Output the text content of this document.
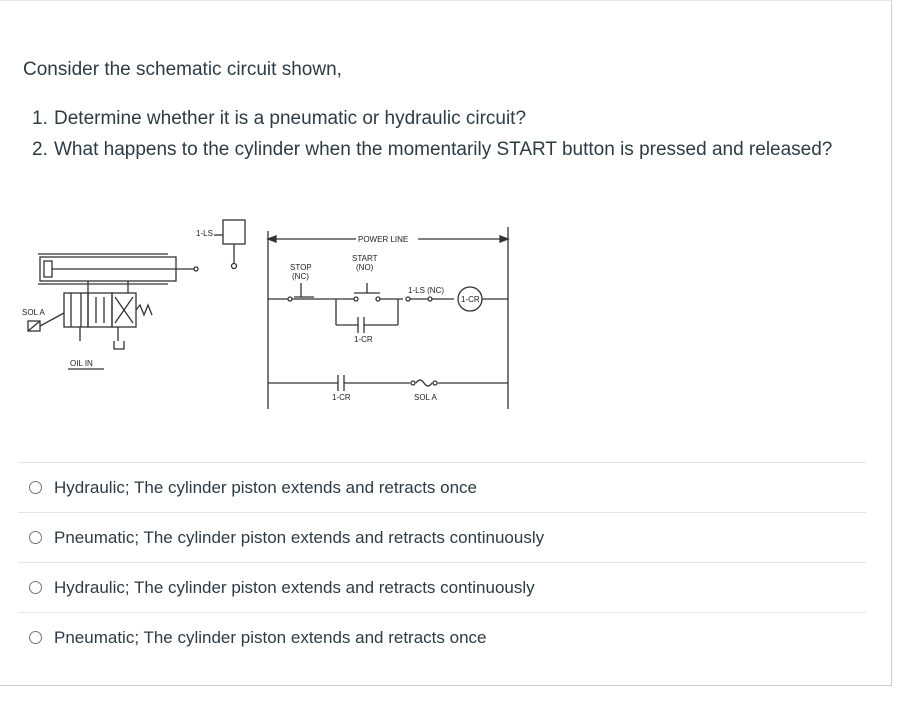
Consider the schematic circuit shown,

1. Determine whether it is a pneumatic or hydraulic circuit?
2. What happens to the cylinder when the momentarily START button is pressed and released?
1-LS
SOL A
OIL IN
POWER LINE
STOP
(NC)
START
(NO)
1-LS (NC)
1-CR
1-CR
1-CR	SOL A
Hydraulic; The cylinder piston extends and retracts once
Pneumatic; The cylinder piston extends and retracts continuously
Hydraulic; The cylinder piston extends and retracts continuously
Pneumatic; The cylinder piston extends and retracts once
